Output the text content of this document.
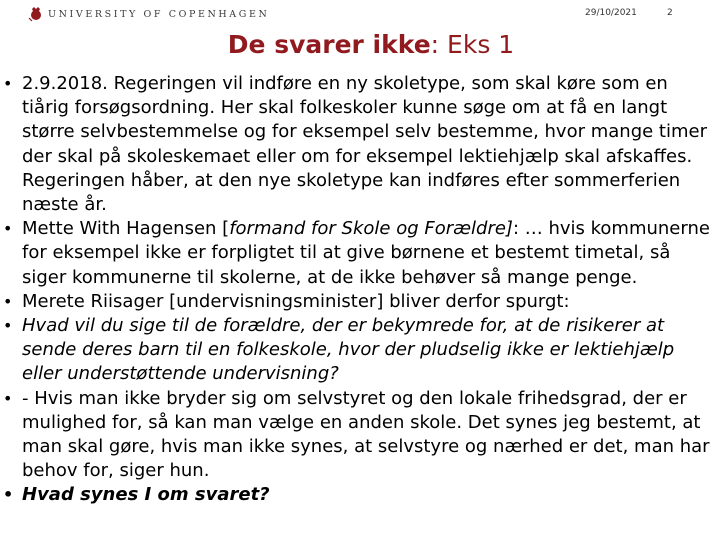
UNIVERSITY OF COPENHAGEN	29/10/2021	2
De svarer ikke: Eks 1

• 2.9.2018. Regeringen vil indføre en ny skoletype, som skal køre som en tiårig forsøgsordning. Her skal folkeskoler kunne søge om at få en langt større selvbestemmelse og for eksempel selv bestemme, hvor mange timer der skal på skoleskemaet eller om for eksempel lektiehjælp skal afskaffes. Regeringen håber, at den nye skoletype kan indføres efter sommerferien næste år.

• Mette With Hagensen [formand for Skole og Forældre]: … hvis kommunerne for eksempel ikke er forpligtet til at give børnene et bestemt timetal, så siger kommunerne til skolerne, at de ikke behøver så mange penge.

• Merete Riisager [undervisningsminister] bliver derfor spurgt:

• Hvad vil du sige til de forældre, der er bekymrede for, at de risikerer at sende deres barn til en folkeskole, hvor der pludselig ikke er lektiehjælp eller understøttende undervisning?

• - Hvis man ikke bryder sig om selvstyret og den lokale frihedsgrad, der er mulighed for, så kan man vælge en anden skole. Det synes jeg bestemt, at man skal gøre, hvis man ikke synes, at selvstyre og nærhed er det, man har behov for, siger hun.

• Hvad synes I om svaret?
